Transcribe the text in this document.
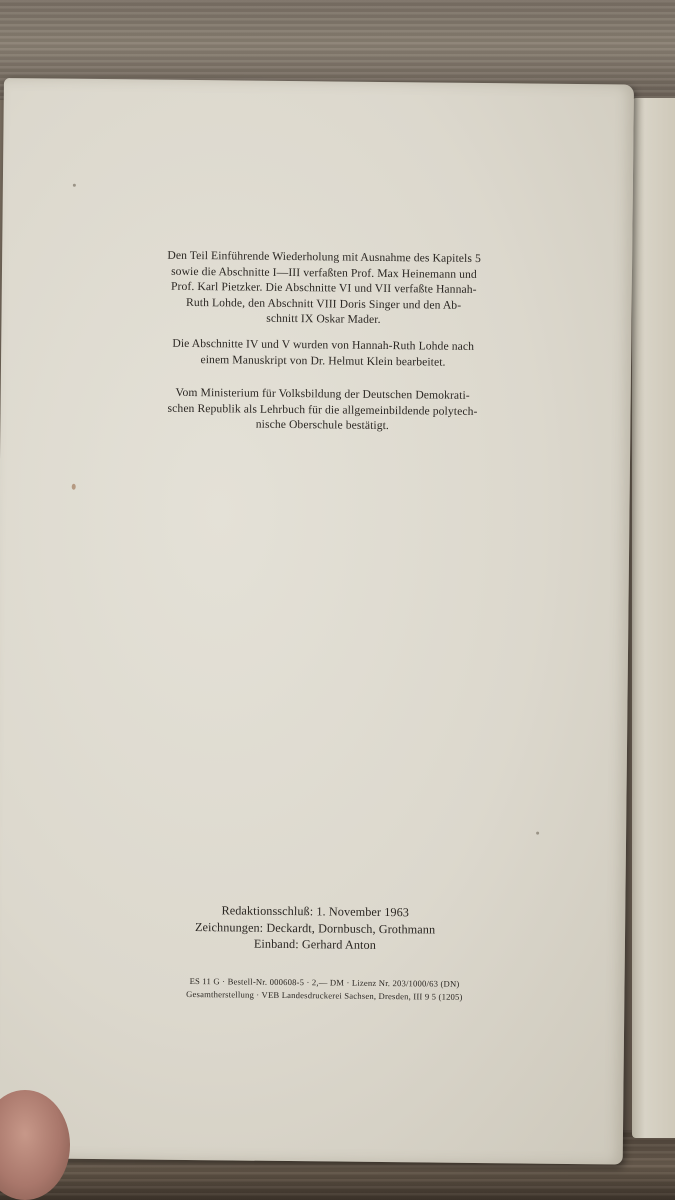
Den Teil Einführende Wiederholung mit Ausnahme des Kapitels 5
sowie die Abschnitte I—III verfaßten Prof. Max Heinemann und
Prof. Karl Pietzker. Die Abschnitte VI und VII verfaßte Hannah-
Ruth Lohde, den Abschnitt VIII Doris Singer und den Ab-
schnitt IX Oskar Mader.
Die Abschnitte IV und V wurden von Hannah-Ruth Lohde nach
einem Manuskript von Dr. Helmut Klein bearbeitet.
Vom Ministerium für Volksbildung der Deutschen Demokrati-
schen Republik als Lehrbuch für die allgemeinbildende polytech-
nische Oberschule bestätigt.
Redaktionsschluß: 1. November 1963
Zeichnungen: Deckardt, Dornbusch, Grothmann
Einband: Gerhard Anton
ES 11 G · Bestell-Nr. 000608-5 · 2,— DM · Lizenz Nr. 203/1000/63 (DN)
Gesamtherstellung · VEB Landesdruckerei Sachsen, Dresden, III 9 5 (1205)
